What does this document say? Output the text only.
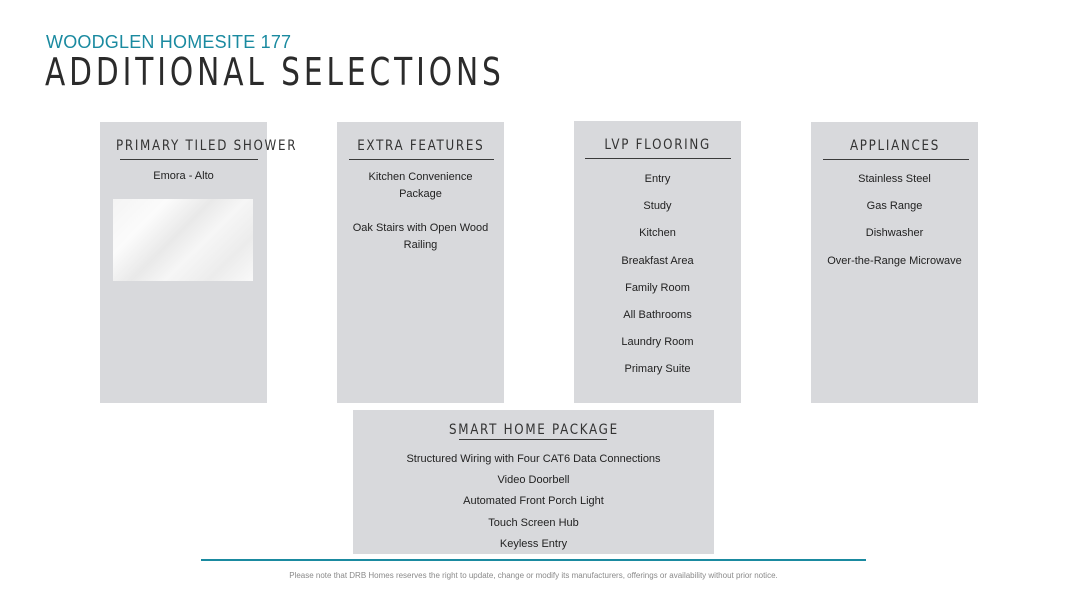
WOODGLEN HOMESITE 177
ADDITIONAL SELECTIONS
PRIMARY TILED SHOWER
Emora - Alto
EXTRA FEATURES
Kitchen Convenience Package
Oak Stairs with Open Wood Railing
LVP FLOORING
Entry
Study
Kitchen
Breakfast Area
Family Room
All Bathrooms
Laundry Room
Primary Suite
APPLIANCES
Stainless Steel
Gas Range
Dishwasher
Over-the-Range Microwave
SMART HOME PACKAGE
Structured Wiring with Four CAT6 Data Connections
Video Doorbell
Automated Front Porch Light
Touch Screen Hub
Keyless Entry
Please note that DRB Homes reserves the right to update, change or modify its manufacturers, offerings or availability without prior notice.
